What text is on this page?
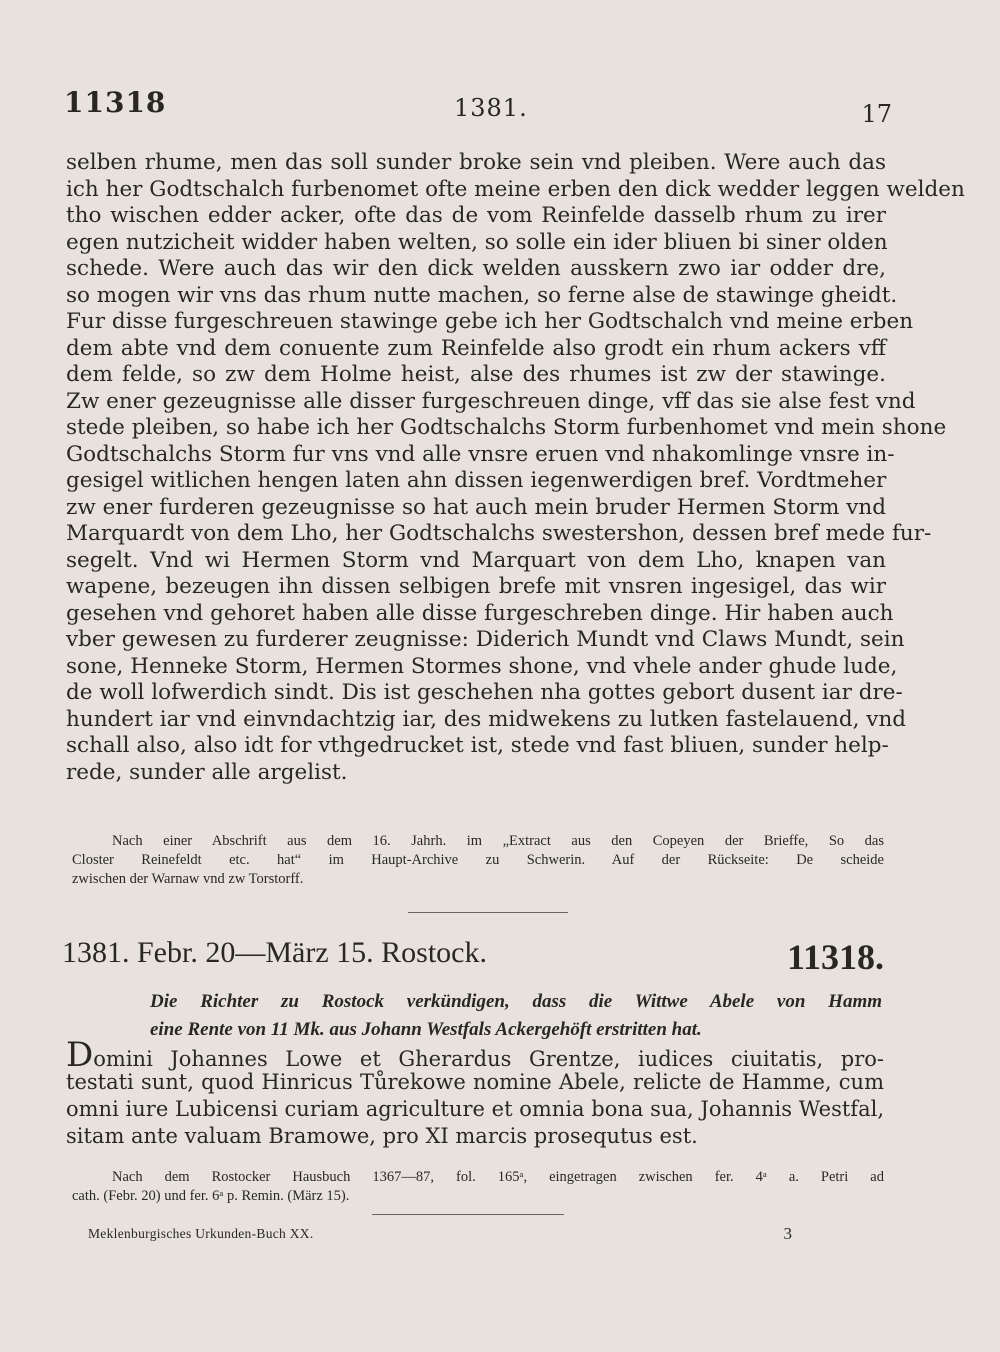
11318	1381.	17
selben rhume, men das soll sunder broke sein vnd pleiben. Were auch das
ich her Godtschalch furbenomet ofte meine erben den dick wedder leggen welden
tho wischen edder acker, ofte das de vom Reinfelde dasselb rhum zu irer
egen nutzicheit widder haben welten, so solle ein ider bliuen bi siner olden
schede. Were auch das wir den dick welden ausskern zwo iar odder dre,
so mogen wir vns das rhum nutte machen, so ferne alse de stawinge gheidt.
Fur disse furgeschreuen stawinge gebe ich her Godtschalch vnd meine erben
dem abte vnd dem conuente zum Reinfelde also grodt ein rhum ackers vff
dem felde, so zw dem Holme heist, alse des rhumes ist zw der stawinge.
Zw ener gezeugnisse alle disser furgeschreuen dinge, vff das sie alse fest vnd
stede pleiben, so habe ich her Godtschalchs Storm furbenhomet vnd mein shone
Godtschalchs Storm fur vns vnd alle vnsre eruen vnd nhakomlinge vnsre in-
gesigel witlichen hengen laten ahn dissen iegenwerdigen bref. Vordtmeher
zw ener furderen gezeugnisse so hat auch mein bruder Hermen Storm vnd
Marquardt von dem Lho, her Godtschalchs swestershon, dessen bref mede fur-
segelt. Vnd wi Hermen Storm vnd Marquart von dem Lho, knapen van
wapene, bezeugen ihn dissen selbigen brefe mit vnsren ingesigel, das wir
gesehen vnd gehoret haben alle disse furgeschreben dinge. Hir haben auch
vber gewesen zu furderer zeugnisse: Diderich Mundt vnd Claws Mundt, sein
sone, Henneke Storm, Hermen Stormes shone, vnd vhele ander ghude lude,
de woll lofwerdich sindt. Dis ist geschehen nha gottes gebort dusent iar dre-
hundert iar vnd einvndachtzig iar, des midwekens zu lutken fastelauend, vnd
schall also, also idt for vthgedrucket ist, stede vnd fast bliuen, sunder help-
rede, sunder alle argelist.
Nach einer Abschrift aus dem 16. Jahrh. im „Extract aus den Copeyen der Brieffe, So das
Closter Reinefeldt etc. hat“ im Haupt-Archive zu Schwerin. Auf der Rückseite: De scheide
zwischen der Warnaw vnd zw Torstorff.
1381. Febr. 20—März 15. Rostock.	11318.
Die Richter zu Rostock verkündigen, dass die Wittwe Abele von Hamm
eine Rente von 11 Mk. aus Johann Westfals Ackergehöft erstritten hat.
Domini Johannes Lowe et Gherardus Grentze, iudices ciuitatis, pro-
testati sunt, quod Hinricus Tůrekowe nomine Abele, relicte de Hamme, cum
omni iure Lubicensi curiam agriculture et omnia bona sua, Johannis Westfal,
sitam ante valuam Bramowe, pro XI marcis prosequtus est.
Nach dem Rostocker Hausbuch 1367—87, fol. 165ᵃ, eingetragen zwischen fer. 4ᵃ a. Petri ad
cath. (Febr. 20) und fer. 6ᵃ p. Remin. (März 15).
Meklenburgisches Urkunden-Buch XX.	3
